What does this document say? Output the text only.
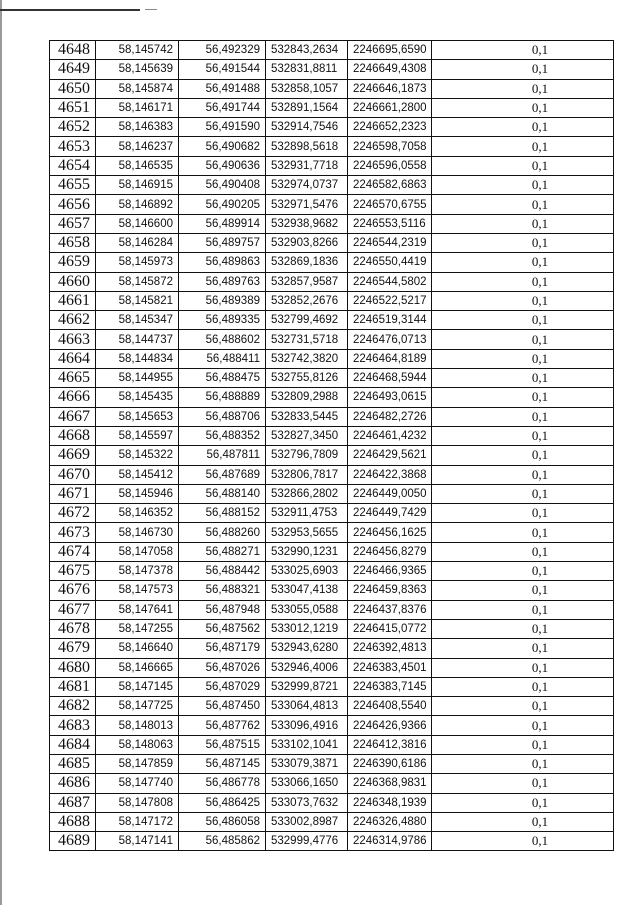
4648	58,145742	56,492329	532843,2634	2246695,6590	0,1
4649	58,145639	56,491544	532831,8811	2246649,4308	0,1
4650	58,145874	56,491488	532858,1057	2246646,1873	0,1
4651	58,146171	56,491744	532891,1564	2246661,2800	0,1
4652	58,146383	56,491590	532914,7546	2246652,2323	0,1
4653	58,146237	56,490682	532898,5618	2246598,7058	0,1
4654	58,146535	56,490636	532931,7718	2246596,0558	0,1
4655	58,146915	56,490408	532974,0737	2246582,6863	0,1
4656	58,146892	56,490205	532971,5476	2246570,6755	0,1
4657	58,146600	56,489914	532938,9682	2246553,5116	0,1
4658	58,146284	56,489757	532903,8266	2246544,2319	0,1
4659	58,145973	56,489863	532869,1836	2246550,4419	0,1
4660	58,145872	56,489763	532857,9587	2246544,5802	0,1
4661	58,145821	56,489389	532852,2676	2246522,5217	0,1
4662	58,145347	56,489335	532799,4692	2246519,3144	0,1
4663	58,144737	56,488602	532731,5718	2246476,0713	0,1
4664	58,144834	56,488411	532742,3820	2246464,8189	0,1
4665	58,144955	56,488475	532755,8126	2246468,5944	0,1
4666	58,145435	56,488889	532809,2988	2246493,0615	0,1
4667	58,145653	56,488706	532833,5445	2246482,2726	0,1
4668	58,145597	56,488352	532827,3450	2246461,4232	0,1
4669	58,145322	56,487811	532796,7809	2246429,5621	0,1
4670	58,145412	56,487689	532806,7817	2246422,3868	0,1
4671	58,145946	56,488140	532866,2802	2246449,0050	0,1
4672	58,146352	56,488152	532911,4753	2246449,7429	0,1
4673	58,146730	56,488260	532953,5655	2246456,1625	0,1
4674	58,147058	56,488271	532990,1231	2246456,8279	0,1
4675	58,147378	56,488442	533025,6903	2246466,9365	0,1
4676	58,147573	56,488321	533047,4138	2246459,8363	0,1
4677	58,147641	56,487948	533055,0588	2246437,8376	0,1
4678	58,147255	56,487562	533012,1219	2246415,0772	0,1
4679	58,146640	56,487179	532943,6280	2246392,4813	0,1
4680	58,146665	56,487026	532946,4006	2246383,4501	0,1
4681	58,147145	56,487029	532999,8721	2246383,7145	0,1
4682	58,147725	56,487450	533064,4813	2246408,5540	0,1
4683	58,148013	56,487762	533096,4916	2246426,9366	0,1
4684	58,148063	56,487515	533102,1041	2246412,3816	0,1
4685	58,147859	56,487145	533079,3871	2246390,6186	0,1
4686	58,147740	56,486778	533066,1650	2246368,9831	0,1
4687	58,147808	56,486425	533073,7632	2246348,1939	0,1
4688	58,147172	56,486058	533002,8987	2246326,4880	0,1
4689	58,147141	56,485862	532999,4776	2246314,9786	0,1
